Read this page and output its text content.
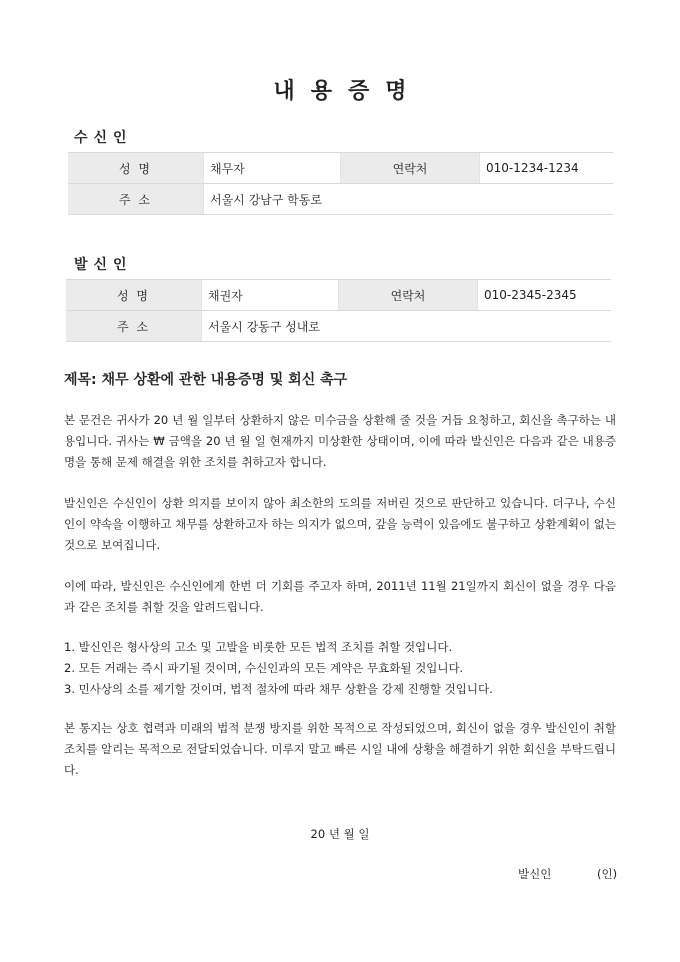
내용증명
수신인
성 명	채무자	연락처	010-1234-1234
주 소	서울시 강남구 학동로		
발신인
성 명	채권자	연락처	010-2345-2345
주 소	서울시 강동구 성내로		
제목: 채무 상환에 관한 내용증명 및 회신 촉구
본 문건은 귀사가 20 년 월 일부터 상환하지 않은 미수금을 상환해 줄 것을 거듭 요청하고, 회신을 촉구하는 내용입니다. 귀사는 ₩ 금액을 20 년 월 일 현재까지 미상환한 상태이며, 이에 따라 발신인은 다음과 같은 내용증명을 통해 문제 해결을 위한 조치를 취하고자 합니다.
발신인은 수신인이 상환 의지를 보이지 않아 최소한의 도의를 저버린 것으로 판단하고 있습니다. 더구나, 수신인이 약속을 이행하고 채무를 상환하고자 하는 의지가 없으며, 갚을 능력이 있음에도 불구하고 상환계획이 없는 것으로 보여집니다.
이에 따라, 발신인은 수신인에게 한번 더 기회를 주고자 하며, 2011년 11월 21일까지 회신이 없을 경우 다음과 같은 조치를 취할 것을 알려드립니다.
1. 발신인은 형사상의 고소 및 고발을 비롯한 모든 법적 조치를 취할 것입니다.
2. 모든 거래는 즉시 파기될 것이며, 수신인과의 모든 계약은 무효화될 것입니다.
3. 민사상의 소를 제기할 것이며, 법적 절차에 따라 채무 상환을 강제 진행할 것입니다.
본 통지는 상호 협력과 미래의 법적 분쟁 방지를 위한 목적으로 작성되었으며, 회신이 없을 경우 발신인이 취할 조치를 알리는 목적으로 전달되었습니다. 미루지 말고 빠른 시일 내에 상황을 해결하기 위한 회신을 부탁드립니다.
20 년 월 일
발신인	(인)
